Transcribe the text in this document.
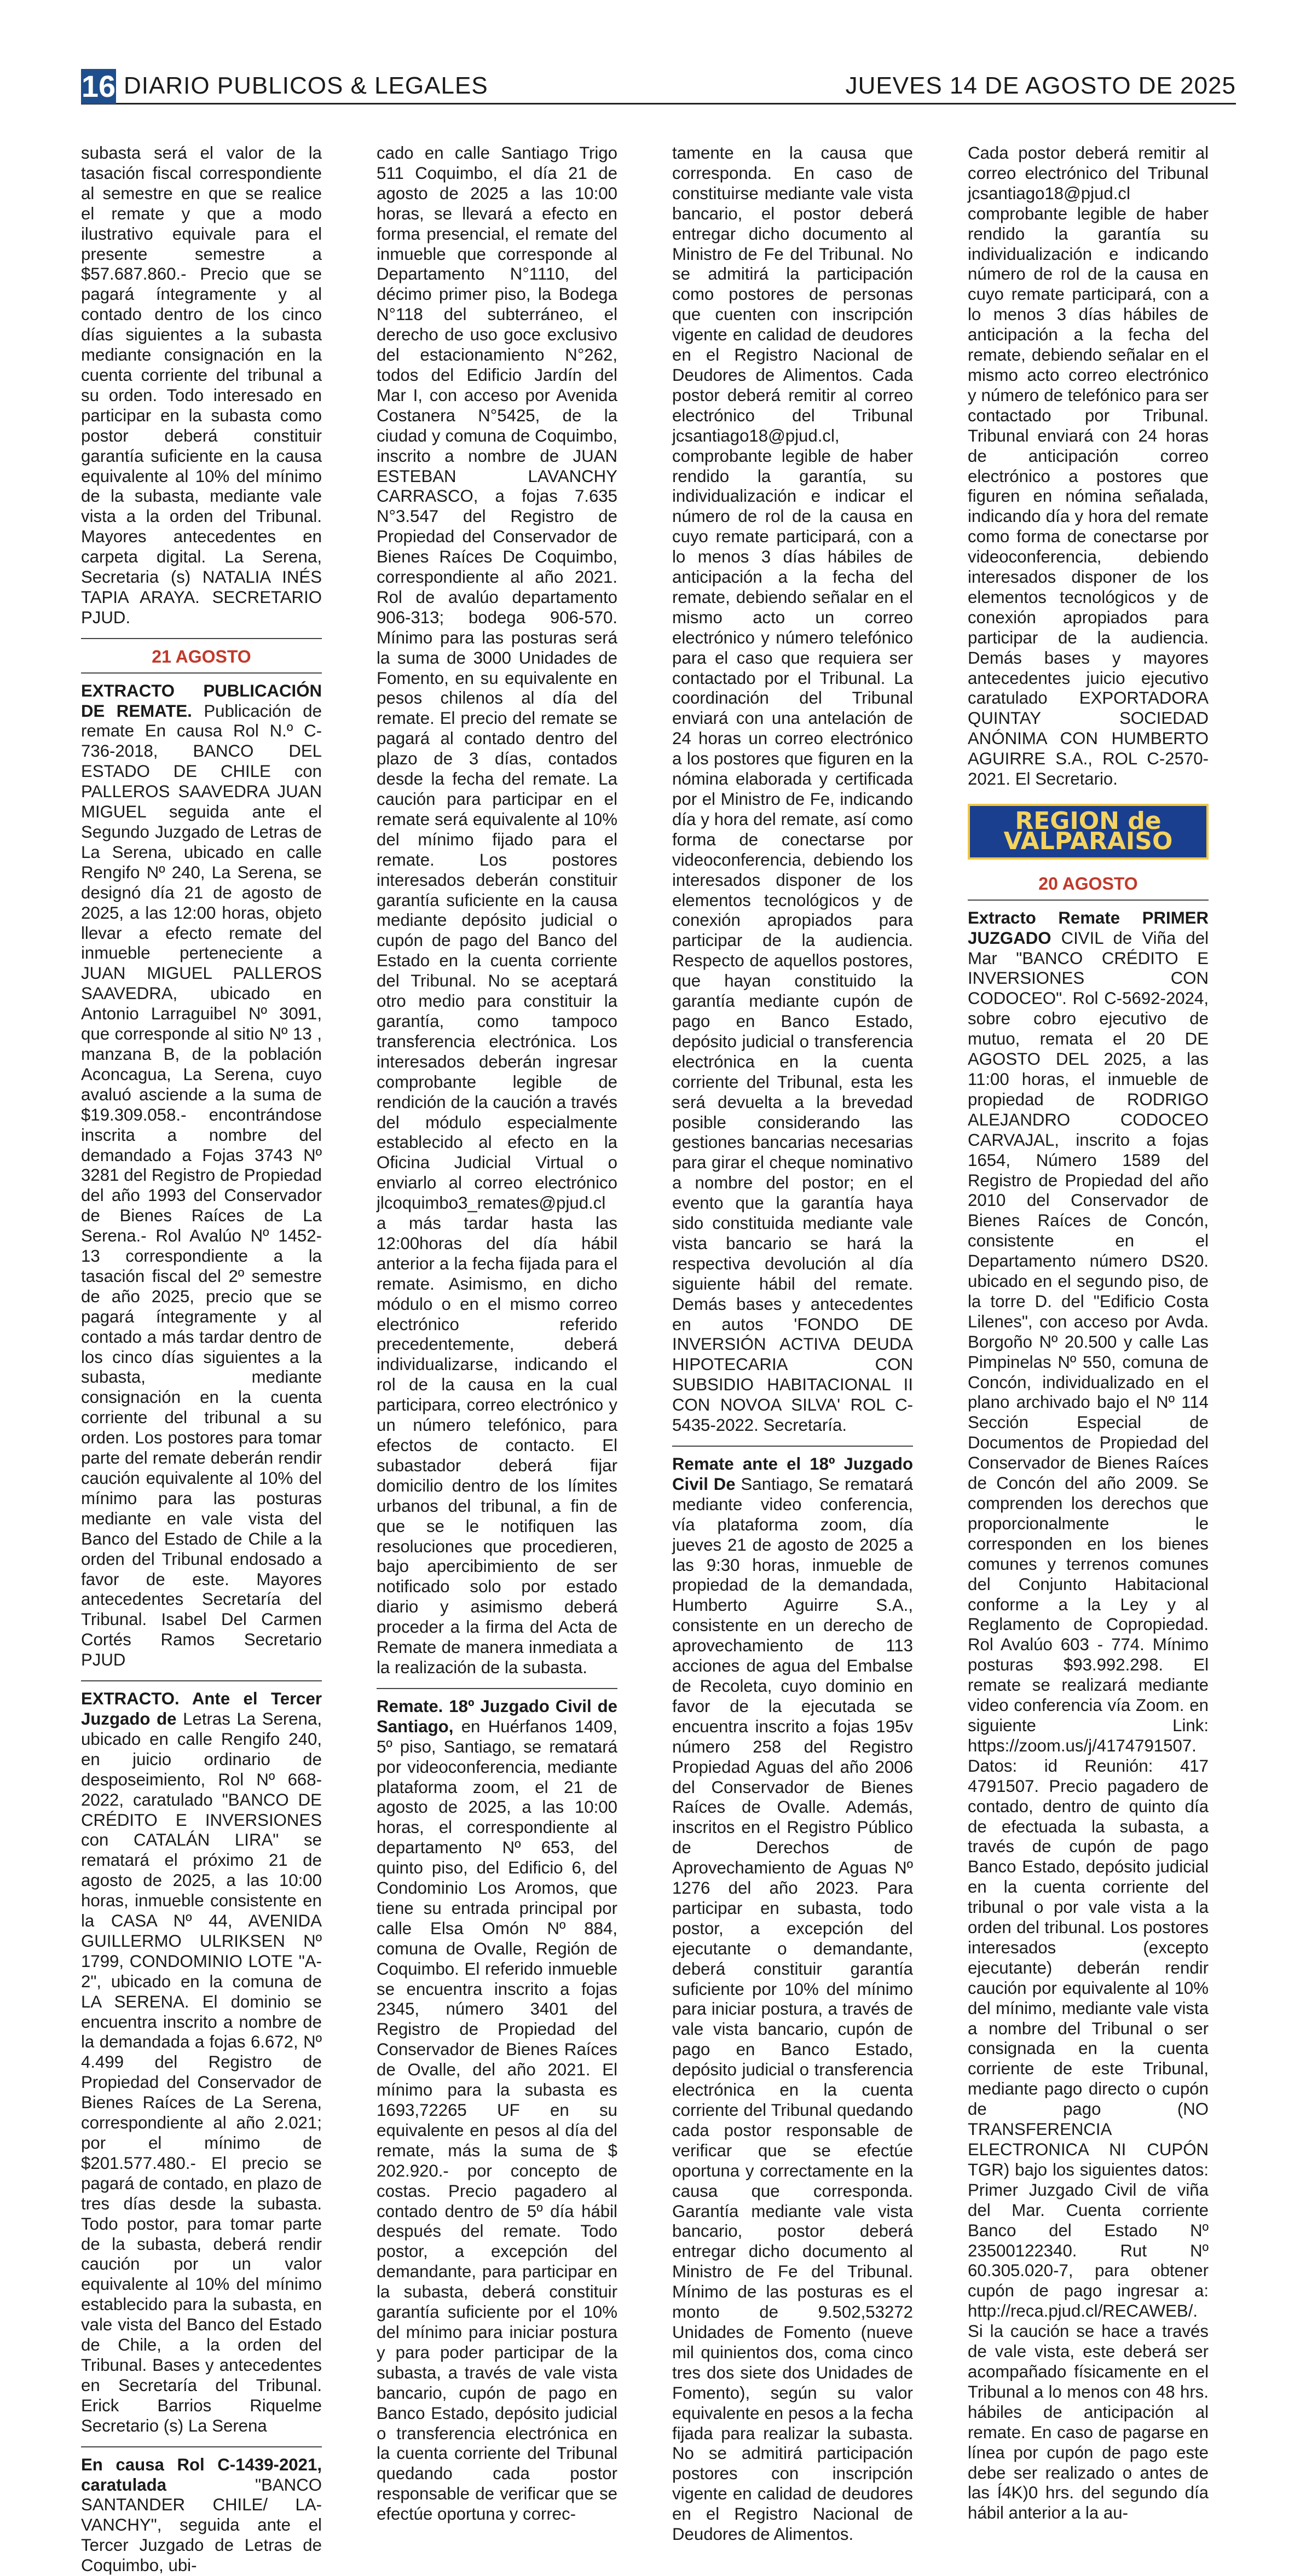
16 DIARIO PUBLICOS & LEGALES	JUEVES 14 DE AGOSTO DE 2025

subasta será el valor de la tasación fiscal correspondiente al semestre en que se realice el remate y que a modo ilustrativo equivale para el presente semestre a $57.687.860.- Precio que se pagará íntegramente y al contado dentro de los cinco días siguientes a la subasta mediante consignación en la cuenta corriente del tribunal a su orden. Todo interesado en participar en la subasta como postor deberá constituir garantía suficiente en la causa equivalente al 10% del mínimo de la subasta, mediante vale vista a la orden del Tribunal. Mayores antecedentes en carpeta digital. La Serena, Secretaria (s) NATALIA INÉS TAPIA ARAYA. SECRETARIO PJUD.

21 AGOSTO

EXTRACTO PUBLICACIÓN DE REMATE. Publicación de remate En causa Rol N.º C-736-2018, BANCO DEL ESTADO DE CHILE con PALLEROS SAAVEDRA JUAN MIGUEL seguida ante el Segundo Juzgado de Letras de La Serena, ubicado en calle Rengifo Nº 240, La Serena, se designó día 21 de agosto de 2025, a las 12:00 horas, objeto llevar a efecto remate del inmueble perteneciente a JUAN MIGUEL PALLEROS SAAVEDRA, ubicado en Antonio Larraguibel Nº 3091, que corresponde al sitio Nº 13 , manzana B, de la población Aconcagua, La Serena, cuyo avaluó asciende a la suma de $19.309.058.- encontrándose inscrita a nombre del demandado a Fojas 3743 Nº 3281 del Registro de Propiedad del año 1993 del Conservador de Bienes Raíces de La Serena.- Rol Avalúo Nº 1452-13 correspondiente a la tasación fiscal del 2º semestre de año 2025, precio que se pagará íntegramente y al contado a más tardar dentro de los cinco días siguientes a la subasta, mediante consignación en la cuenta corriente del tribunal a su orden. Los postores para tomar parte del remate deberán rendir caución equivalente al 10% del mínimo para las posturas mediante en vale vista del Banco del Estado de Chile a la orden del Tribunal endosado a favor de este. Mayores antecedentes Secretaría del Tribunal. Isabel Del Carmen Cortés Ramos Secretario PJUD

EXTRACTO. Ante el Tercer Juzgado de Letras La Serena, ubicado en calle Rengifo 240, en juicio ordinario de desposeimiento, Rol Nº 668-2022, caratulado "BANCO DE CRÉDITO E INVERSIONES con CATALÁN LIRA" se rematará el próximo 21 de agosto de 2025, a las 10:00 horas, inmueble consistente en la CASA Nº 44, AVENIDA GUILLERMO ULRIKSEN Nº 1799, CONDOMINIO LOTE "A-2", ubicado en la comuna de LA SERENA. El dominio se encuentra inscrito a nombre de la demandada a fojas 6.672, Nº 4.499 del Registro de Propiedad del Conservador de Bienes Raíces de La Serena, correspondiente al año 2.021; por el mínimo de $201.577.480.- El precio se pagará de contado, en plazo de tres días desde la subasta. Todo postor, para tomar parte de la subasta, deberá rendir caución por un valor equivalente al 10% del mínimo establecido para la subasta, en vale vista del Banco del Estado de Chile, a la orden del Tribunal. Bases y antecedentes en Secretaría del Tribunal. Erick Barrios Riquelme Secretario (s) La Serena

En causa Rol C-1439-2021, caratulada "BANCO SANTANDER CHILE/ LA-VANCHY", seguida ante el Tercer Juzgado de Letras de Coquimbo, ubi-

cado en calle Santiago Trigo 511 Coquimbo, el día 21 de agosto de 2025 a las 10:00 horas, se llevará a efecto en forma presencial, el remate del inmueble que corresponde al Departamento N°1110, del décimo primer piso, la Bodega N°118 del subterráneo, el derecho de uso goce exclusivo del estacionamiento N°262, todos del Edificio Jardín del Mar I, con acceso por Avenida Costanera N°5425, de la ciudad y comuna de Coquimbo, inscrito a nombre de JUAN ESTEBAN LAVANCHY CARRASCO, a fojas 7.635 N°3.547 del Registro de Propiedad del Conservador de Bienes Raíces De Coquimbo, correspondiente al año 2021. Rol de avalúo departamento 906-313; bodega 906-570. Mínimo para las posturas será la suma de 3000 Unidades de Fomento, en su equivalente en pesos chilenos al día del remate. El precio del remate se pagará al contado dentro del plazo de 3 días, contados desde la fecha del remate. La caución para participar en el remate será equivalente al 10% del mínimo fijado para el remate. Los postores interesados deberán constituir garantía suficiente en la causa mediante depósito judicial o cupón de pago del Banco del Estado en la cuenta corriente del Tribunal. No se aceptará otro medio para constituir la garantía, como tampoco transferencia electrónica. Los interesados deberán ingresar comprobante legible de rendición de la caución a través del módulo especialmente establecido al efecto en la Oficina Judicial Virtual o enviarlo al correo electrónico jlcoquimbo3_remates@pjud.cl a más tardar hasta las 12:00horas del día hábil anterior a la fecha fijada para el remate. Asimismo, en dicho módulo o en el mismo correo electrónico referido precedentemente, deberá individualizarse, indicando el rol de la causa en la cual participara, correo electrónico y un número telefónico, para efectos de contacto. El subastador deberá fijar domicilio dentro de los límites urbanos del tribunal, a fin de que se le notifiquen las resoluciones que procedieren, bajo apercibimiento de ser notificado solo por estado diario y asimismo deberá proceder a la firma del Acta de Remate de manera inmediata a la realización de la subasta.

Remate. 18º Juzgado Civil de Santiago, en Huérfanos 1409, 5º piso, Santiago, se rematará por videoconferencia, mediante plataforma zoom, el 21 de agosto de 2025, a las 10:00 horas, el correspondiente al departamento Nº 653, del quinto piso, del Edificio 6, del Condominio Los Aromos, que tiene su entrada principal por calle Elsa Omón Nº 884, comuna de Ovalle, Región de Coquimbo. El referido inmueble se encuentra inscrito a fojas 2345, número 3401 del Registro de Propiedad del Conservador de Bienes Raíces de Ovalle, del año 2021. El mínimo para la subasta es 1693,72265 UF en su equivalente en pesos al día del remate, más la suma de $ 202.920.- por concepto de costas. Precio pagadero al contado dentro de 5º día hábil después del remate. Todo postor, a excepción del demandante, para participar en la subasta, deberá constituir garantía suficiente por el 10% del mínimo para iniciar postura y para poder participar de la subasta, a través de vale vista bancario, cupón de pago en Banco Estado, depósito judicial o transferencia electrónica en la cuenta corriente del Tribunal quedando cada postor responsable de verificar que se efectúe oportuna y correc-

tamente en la causa que corresponda. En caso de constituirse mediante vale vista bancario, el postor deberá entregar dicho documento al Ministro de Fe del Tribunal. No se admitirá la participación como postores de personas que cuenten con inscripción vigente en calidad de deudores en el Registro Nacional de Deudores de Alimentos. Cada postor deberá remitir al correo electrónico del Tribunal jcsantiago18@pjud.cl, comprobante legible de haber rendido la garantía, su individualización e indicar el número de rol de la causa en cuyo remate participará, con a lo menos 3 días hábiles de anticipación a la fecha del remate, debiendo señalar en el mismo acto un correo electrónico y número telefónico para el caso que requiera ser contactado por el Tribunal. La coordinación del Tribunal enviará con una antelación de 24 horas un correo electrónico a los postores que figuren en la nómina elaborada y certificada por el Ministro de Fe, indicando día y hora del remate, así como forma de conectarse por videoconferencia, debiendo los interesados disponer de los elementos tecnológicos y de conexión apropiados para participar de la audiencia. Respecto de aquellos postores, que hayan constituido la garantía mediante cupón de pago en Banco Estado, depósito judicial o transferencia electrónica en la cuenta corriente del Tribunal, esta les será devuelta a la brevedad posible considerando las gestiones bancarias necesarias para girar el cheque nominativo a nombre del postor; en el evento que la garantía haya sido constituida mediante vale vista bancario se hará la respectiva devolución al día siguiente hábil del remate. Demás bases y antecedentes en autos 'FONDO DE INVERSIÓN ACTIVA DEUDA HIPOTECARIA CON SUBSIDIO HABITACIONAL II CON NOVOA SILVA' ROL C-5435-2022. Secretaría.

Remate ante el 18º Juzgado Civil De Santiago, Se rematará mediante video conferencia, vía plataforma zoom, día jueves 21 de agosto de 2025 a las 9:30 horas, inmueble de propiedad de la demandada, Humberto Aguirre S.A., consistente en un derecho de aprovechamiento de 113 acciones de agua del Embalse de Recoleta, cuyo dominio en favor de la ejecutada se encuentra inscrito a fojas 195v número 258 del Registro Propiedad Aguas del año 2006 del Conservador de Bienes Raíces de Ovalle. Además, inscritos en el Registro Público de Derechos de Aprovechamiento de Aguas Nº 1276 del año 2023. Para participar en subasta, todo postor, a excepción del ejecutante o demandante, deberá constituir garantía suficiente por 10% del mínimo para iniciar postura, a través de vale vista bancario, cupón de pago en Banco Estado, depósito judicial o transferencia electrónica en la cuenta corriente del Tribunal quedando cada postor responsable de verificar que se efectúe oportuna y correctamente en la causa que corresponda. Garantía mediante vale vista bancario, postor deberá entregar dicho documento al Ministro de Fe del Tribunal. Mínimo de las posturas es el monto de 9.502,53272 Unidades de Fomento (nueve mil quinientos dos, coma cinco tres dos siete dos Unidades de Fomento), según su valor equivalente en pesos a la fecha fijada para realizar la subasta. No se admitirá participación postores con inscripción vigente en calidad de deudores en el Registro Nacional de Deudores de Alimentos.

Cada postor deberá remitir al correo electrónico del Tribunal jcsantiago18@pjud.cl comprobante legible de haber rendido la garantía su individualización e indicando número de rol de la causa en cuyo remate participará, con a lo menos 3 días hábiles de anticipación a la fecha del remate, debiendo señalar en el mismo acto correo electrónico y número de telefónico para ser contactado por Tribunal. Tribunal enviará con 24 horas de anticipación correo electrónico a postores que figuren en nómina señalada, indicando día y hora del remate como forma de conectarse por videoconferencia, debiendo interesados disponer de los elementos tecnológicos y de conexión apropiados para participar de la audiencia. Demás bases y mayores antecedentes juicio ejecutivo caratulado EXPORTADORA QUINTAY SOCIEDAD ANÓNIMA CON HUMBERTO AGUIRRE S.A., ROL C-2570-2021. El Secretario.

REGION de VALPARAISO
20 AGOSTO

Extracto Remate PRIMER JUZGADO CIVIL de Viña del Mar "BANCO CRÉDITO E INVERSIONES CON CODOCEO". Rol C-5692-2024, sobre cobro ejecutivo de mutuo, remata el 20 DE AGOSTO DEL 2025, a las 11:00 horas, el inmueble de propiedad de RODRIGO ALEJANDRO CODOCEO CARVAJAL, inscrito a fojas 1654, Número 1589 del Registro de Propiedad del año 2010 del Conservador de Bienes Raíces de Concón, consistente en el Departamento número DS20. ubicado en el segundo piso, de la torre D. del "Edificio Costa Lilenes", con acceso por Avda. Borgoño Nº 20.500 y calle Las Pimpinelas Nº 550, comuna de Concón, individualizado en el plano archivado bajo el Nº 114 Sección Especial de Documentos de Propiedad del Conservador de Bienes Raíces de Concón del año 2009. Se comprenden los derechos que proporcionalmente le corresponden en los bienes comunes y terrenos comunes del Conjunto Habitacional conforme a la Ley y al Reglamento de Copropiedad. Rol Avalúo 603 - 774. Mínimo posturas $93.992.298. El remate se realizará mediante video conferencia vía Zoom. en siguiente Link: https://zoom.us/j/4174791507. Datos: id Reunión: 417 4791507. Precio pagadero de contado, dentro de quinto día de efectuada la subasta, a través de cupón de pago Banco Estado, depósito judicial en la cuenta corriente del tribunal o por vale vista a la orden del tribunal. Los postores interesados (excepto ejecutante) deberán rendir caución por equivalente al 10% del mínimo, mediante vale vista a nombre del Tribunal o ser consignada en la cuenta corriente de este Tribunal, mediante pago directo o cupón de pago (NO TRANSFERENCIA ELECTRONICA NI CUPÓN TGR) bajo los siguientes datos: Primer Juzgado Civil de viña del Mar. Cuenta corriente Banco del Estado Nº 23500122340. Rut Nº 60.305.020-7, para obtener cupón de pago ingresar a: http://reca.pjud.cl/RECAWEB/. Si la caución se hace a través de vale vista, este deberá ser acompañado físicamente en el Tribunal a lo menos con 48 hrs. hábiles de anticipación al remate. En caso de pagarse en línea por cupón de pago este debe ser realizado o antes de las Í4K)0 hrs. del segundo día hábil anterior a la au-
